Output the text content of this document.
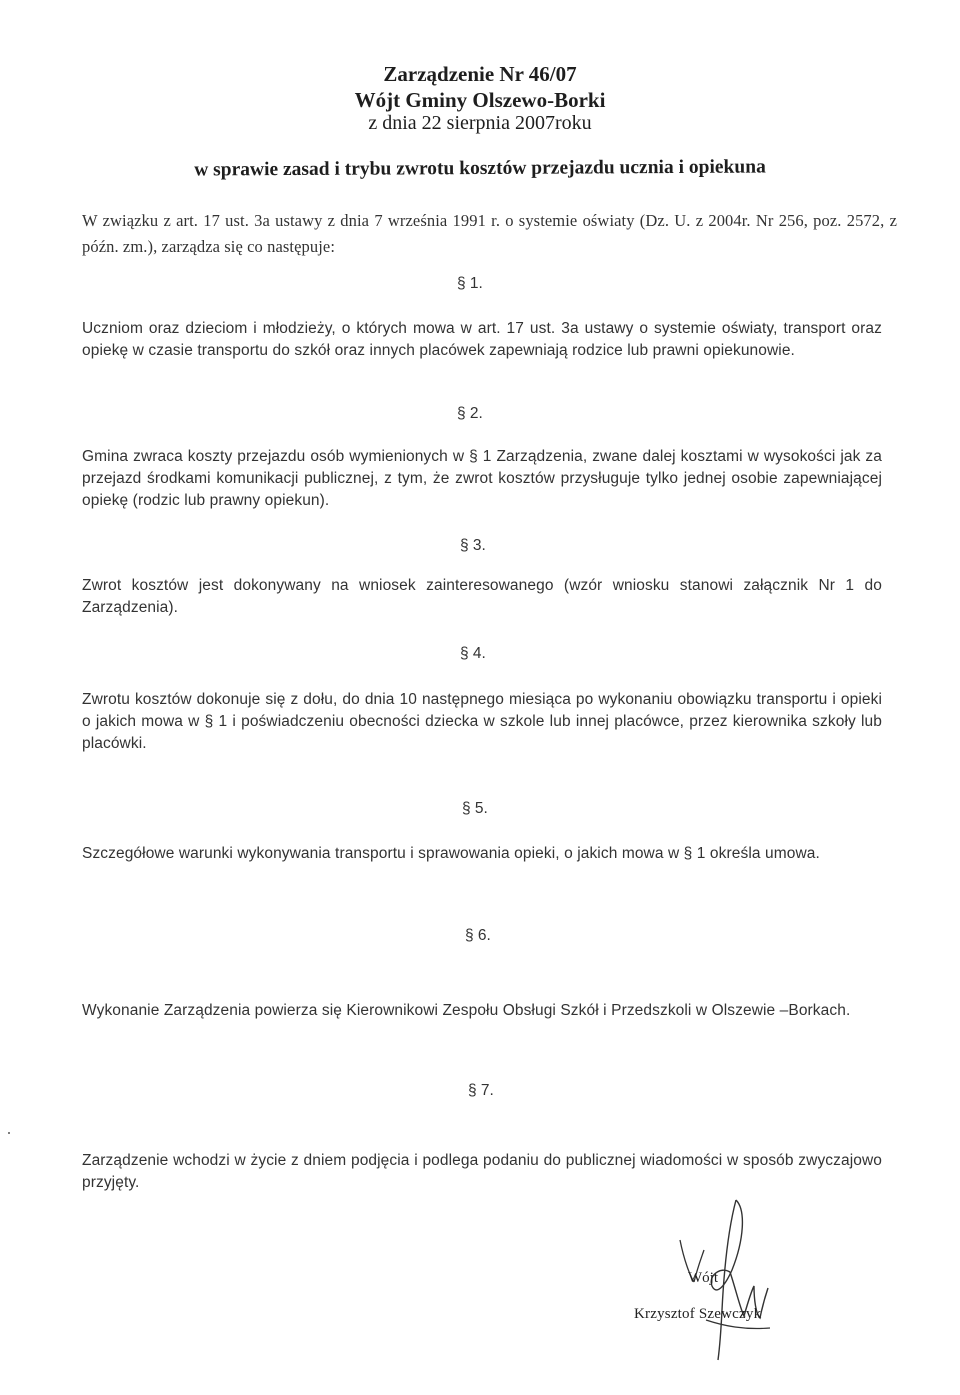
Zarządzenie Nr 46/07
Wójt Gminy Olszewo-Borki
z dnia 22 sierpnia 2007roku
w sprawie zasad i trybu zwrotu kosztów przejazdu ucznia i opiekuna
W związku z art. 17 ust. 3a ustawy z dnia 7 września 1991 r. o systemie oświaty (Dz. U. z 2004r. Nr 256, poz. 2572, z późn. zm.), zarządza się co następuje:
§ 1.
Uczniom oraz dzieciom i młodzieży, o których mowa w art. 17 ust. 3a ustawy o systemie oświaty, transport oraz opiekę w czasie transportu do szkół oraz innych placówek zapewniają rodzice lub prawni opiekunowie.
§ 2.
Gmina zwraca koszty przejazdu osób wymienionych w § 1 Zarządzenia, zwane dalej kosztami w wysokości jak za przejazd środkami komunikacji publicznej, z tym, że zwrot kosztów przysługuje tylko jednej osobie zapewniającej opiekę (rodzic lub prawny opiekun).
§ 3.
Zwrot kosztów jest dokonywany na wniosek zainteresowanego (wzór wniosku stanowi załącznik Nr 1 do Zarządzenia).
§ 4.
Zwrotu kosztów dokonuje się z dołu, do dnia 10 następnego miesiąca po wykonaniu obowiązku transportu i opieki o jakich mowa w § 1 i poświadczeniu obecności dziecka w szkole lub innej placówce, przez kierownika szkoły lub placówki.
§ 5.
Szczegółowe warunki wykonywania transportu i sprawowania opieki, o jakich mowa w § 1 określa umowa.
§ 6.
Wykonanie Zarządzenia powierza się Kierownikowi Zespołu Obsługi Szkół i Przedszkoli w Olszewie –Borkach.
§ 7.
Zarządzenie wchodzi w życie z dniem podjęcia i podlega podaniu do publicznej wiadomości w sposób zwyczajowo przyjęty.
Wójt
Krzysztof Szewczyk
